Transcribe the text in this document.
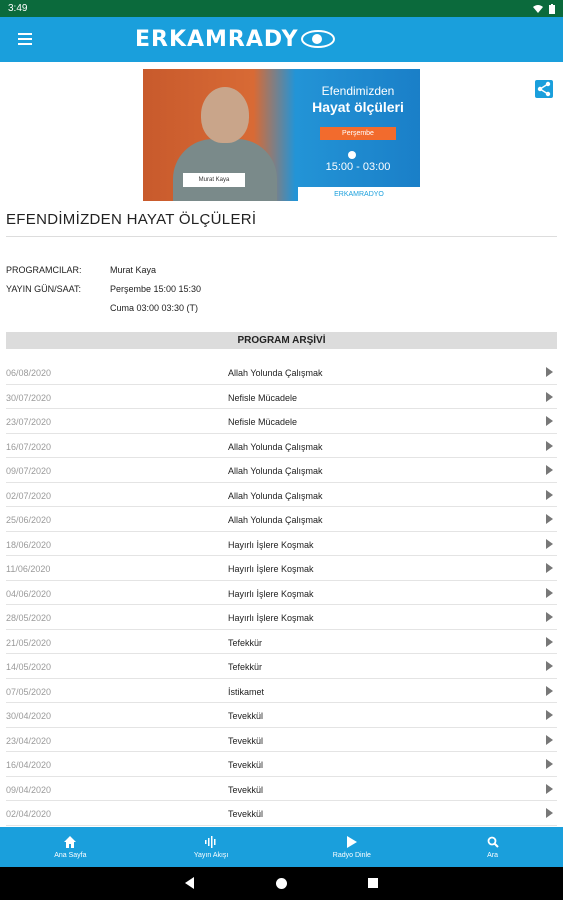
3:49
ERKAMRADY
Murat Kaya
Efendimizden
Hayat ölçüleri
Perşembe
15:00 - 03:00
ERKAMRADYO
EFENDİMİZDEN HAYAT ÖLÇÜLERİ
PROGRAMCILAR:	Murat Kaya
YAYIN GÜN/SAAT:	Perşembe 15:00 15:30
Cuma 03:00 03:30 (T)
PROGRAM ARŞİVİ
06/08/2020	Allah Yolunda Çalışmak
30/07/2020	Nefisle Mücadele
23/07/2020	Nefisle Mücadele
16/07/2020	Allah Yolunda Çalışmak
09/07/2020	Allah Yolunda Çalışmak
02/07/2020	Allah Yolunda Çalışmak
25/06/2020	Allah Yolunda Çalışmak
18/06/2020	Hayırlı İşlere Koşmak
11/06/2020	Hayırlı İşlere Koşmak
04/06/2020	Hayırlı İşlere Koşmak
28/05/2020	Hayırlı İşlere Koşmak
21/05/2020	Tefekkür
14/05/2020	Tefekkür
07/05/2020	İstikamet
30/04/2020	Tevekkül
23/04/2020	Tevekkül
16/04/2020	Tevekkül
09/04/2020	Tevekkül
02/04/2020	Tevekkül
Ana Sayfa	Yayın Akışı	Radyo Dinle	Ara
